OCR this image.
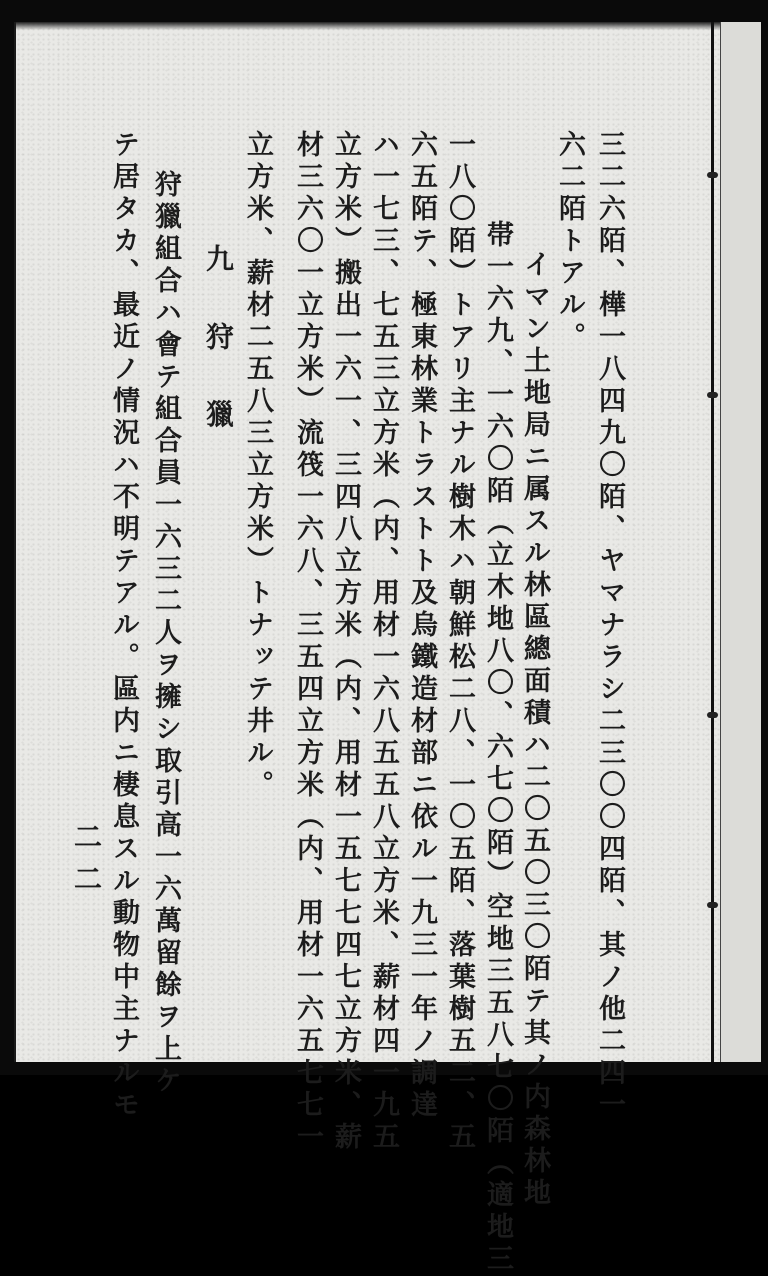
三二六陌、樺一八四九〇陌、ヤマナラシ二三〇〇四陌、其ノ他二四一
六二陌トアル。
イマン土地局ニ属スル林區總面積ハ二〇五〇三〇陌テ其ノ内森林地
帯一六九、一六〇陌（立木地八〇、六七〇陌）空地三五八七〇陌（適地三
一八〇陌）トアリ主ナル樹木ハ朝鮮松二八、一〇五陌、落葉樹五二、五
六五陌テ、極東林業トラストト及烏鐵造材部ニ依ル一九三一年ノ調達
ハ一七三、七五三立方米（内、用材一六八五五八立方米、薪材四一九五
立方米）搬出一六一、三四八立方米（内、用材一五七七四七立方米、薪
材三六〇一立方米）流筏一六八、三五四立方米（内、用材一六五七七一
立方米、薪材二五八三立方米）トナッテ井ル。
九 狩 獵
狩獵組合ハ會テ組合員一六三二人ヲ擁シ取引高一六萬留餘ヲ上ケ
テ居タカ、最近ノ情況ハ不明テアル。區内ニ棲息スル動物中主ナルモ
二二
